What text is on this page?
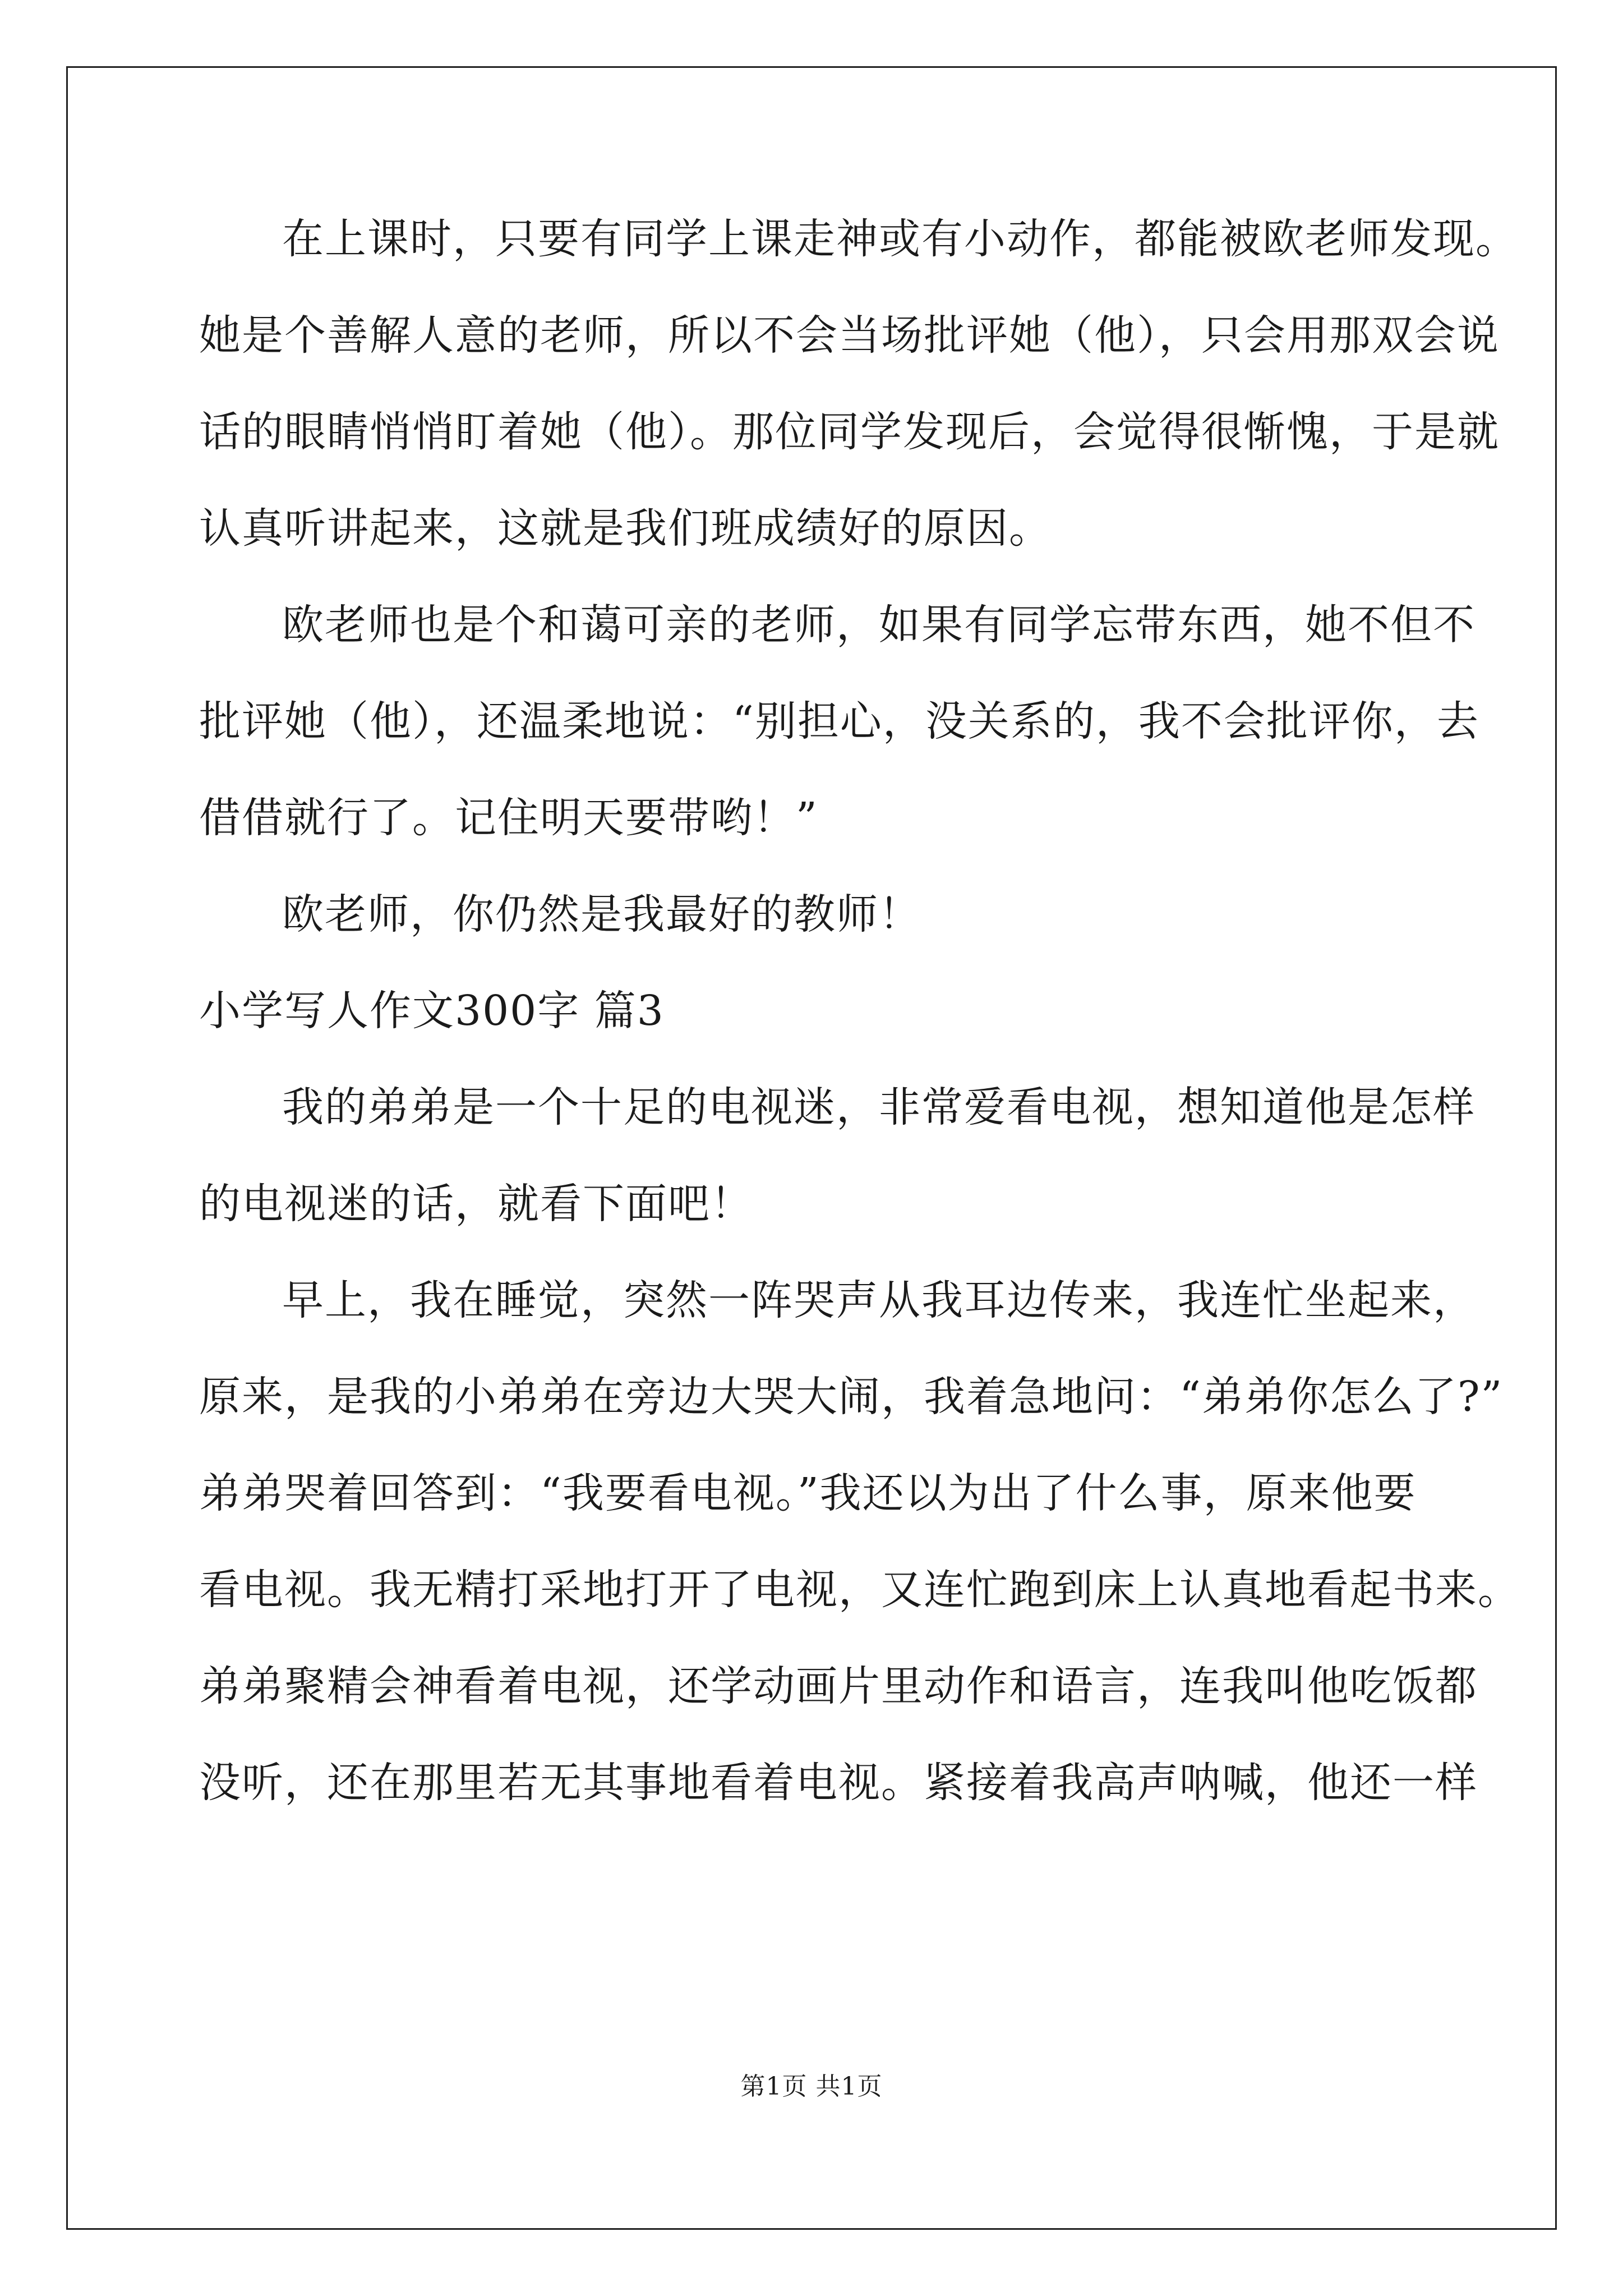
在上课时，只要有同学上课走神或有小动作，都能被欧老师发现。
她是个善解人意的老师，所以不会当场批评她（他），只会用那双会说
话的眼睛悄悄盯着她（他）。那位同学发现后，会觉得很惭愧，于是就
认真听讲起来，这就是我们班成绩好的原因。
欧老师也是个和蔼可亲的老师，如果有同学忘带东西，她不但不
批评她（他），还温柔地说：“别担心，没关系的，我不会批评你，去
借借就行了。记住明天要带哟！”
欧老师，你仍然是我最好的教师！
小学写人作文300字 篇3
我的弟弟是一个十足的电视迷，非常爱看电视，想知道他是怎样
的电视迷的话，就看下面吧！
早上，我在睡觉，突然一阵哭声从我耳边传来，我连忙坐起来，
原来，是我的小弟弟在旁边大哭大闹，我着急地问：“弟弟你怎么了?”
弟弟哭着回答到：“我要看电视。”我还以为出了什么事，原来他要
看电视。我无精打采地打开了电视，又连忙跑到床上认真地看起书来。
弟弟聚精会神看着电视，还学动画片里动作和语言，连我叫他吃饭都
没听，还在那里若无其事地看着电视。紧接着我高声呐喊，他还一样
第1页 共1页
